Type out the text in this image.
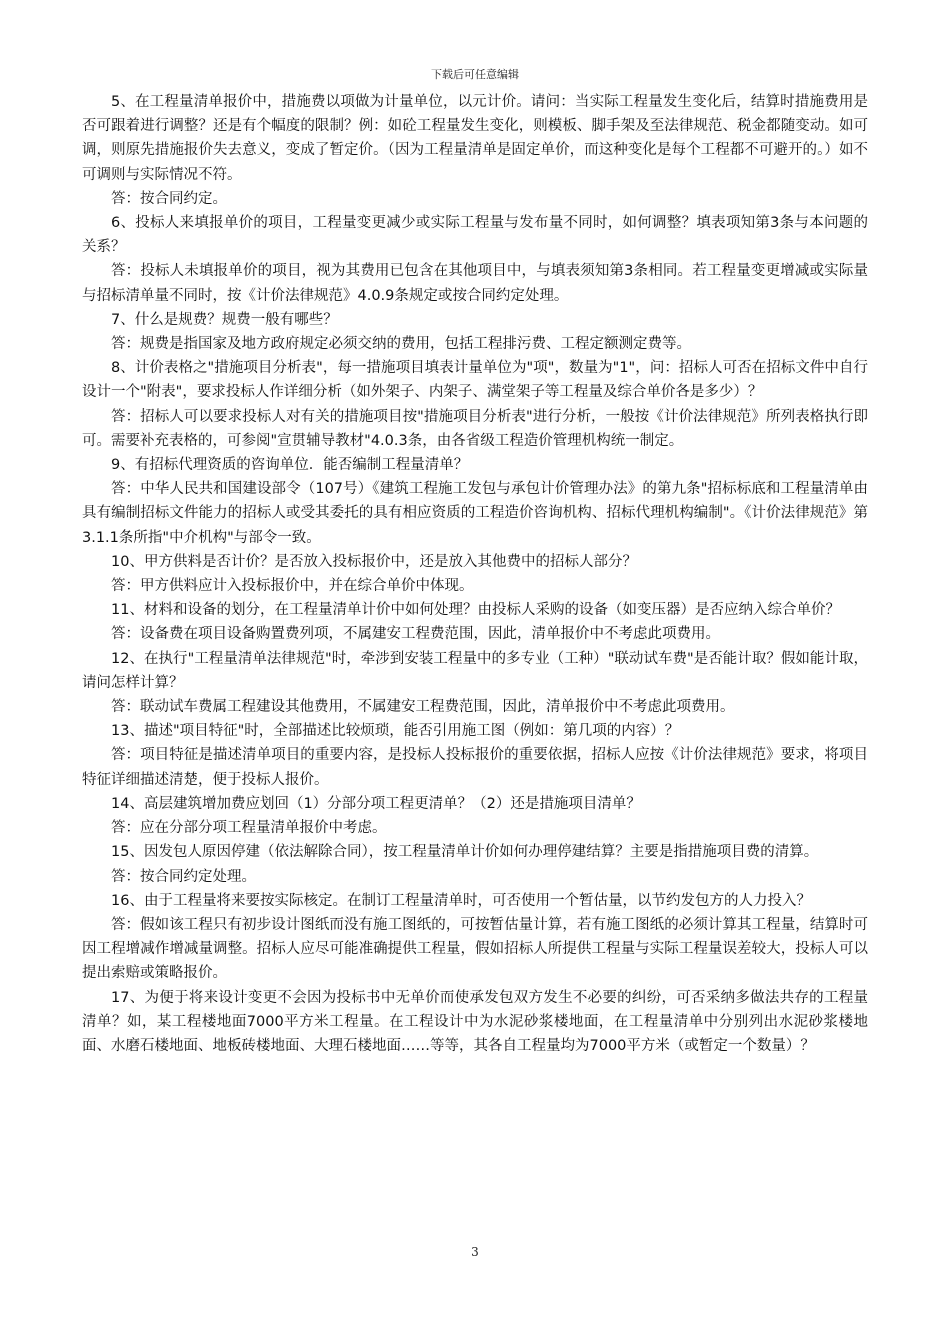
下载后可任意编辑

5、在工程量清单报价中，措施费以项做为计量单位，以元计价。请问：当实际工程量发生变化后，结算时措施费用是否可跟着进行调整？还是有个幅度的限制？例：如砼工程量发生变化，则模板、脚手架及至法律规范、税金都随变动。如可调，则原先措施报价失去意义，变成了暂定价。（因为工程量清单是固定单价，而这种变化是每个工程都不可避开的。）如不可调则与实际情况不符。

答：按合同约定。

6、投标人来填报单价的项目，工程量变更减少或实际工程量与发布量不同时，如何调整？填表项知第3条与本问题的关系？

答：投标人未填报单价的项目，视为其费用已包含在其他项目中，与填表须知第3条相同。若工程量变更增减或实际量与招标清单量不同时，按《计价法律规范》4.0.9条规定或按合同约定处理。

7、什么是规费？规费一般有哪些？

答：规费是指国家及地方政府规定必须交纳的费用，包括工程排污费、工程定额测定费等。

8、计价表格之"措施项目分析表"，每一措施项目填表计量单位为"项"，数量为"1"，问：招标人可否在招标文件中自行设计一个"附表"，要求投标人作详细分析（如外架子、内架子、满堂架子等工程量及综合单价各是多少）？

答：招标人可以要求投标人对有关的措施项目按"措施项目分析表"进行分析，一般按《计价法律规范》所列表格执行即可。需要补充表格的，可参阅"宣贯辅导教材"4.0.3条，由各省级工程造价管理机构统一制定。

9、有招标代理资质的咨询单位．能否编制工程量清单？

答：中华人民共和国建设部令（107号）《建筑工程施工发包与承包计价管理办法》的第九条"招标标底和工程量清单由具有编制招标文件能力的招标人或受其委托的具有相应资质的工程造价咨询机构、招标代理机构编制"。《计价法律规范》第3.1.1条所指"中介机构"与部令一致。

10、甲方供料是否计价？是否放入投标报价中，还是放入其他费中的招标人部分？

答：甲方供料应计入投标报价中，并在综合单价中体现。

11、材料和设备的划分，在工程量清单计价中如何处理？由投标人采购的设备（如变压器）是否应纳入综合单价？

答：设备费在项目设备购置费列项，不属建安工程费范围，因此，清单报价中不考虑此项费用。

12、在执行"工程量清单法律规范"时，牵涉到安装工程量中的多专业（工种）"联动试车费"是否能计取？假如能计取，请问怎样计算？

答：联动试车费属工程建设其他费用，不属建安工程费范围，因此，清单报价中不考虑此项费用。

13、描述"项目特征"时，全部描述比较烦琐，能否引用施工图（例如：第几项的内容）？

答：项目特征是描述清单项目的重要内容，是投标人投标报价的重要依据，招标人应按《计价法律规范》要求，将项目特征详细描述清楚，便于投标人报价。

14、高层建筑增加费应划回（1）分部分项工程更清单？（2）还是措施项目清单？

答：应在分部分项工程量清单报价中考虑。

15、因发包人原因停建（依法解除合同），按工程量清单计价如何办理停建结算？主要是指措施项目费的清算。

答：按合同约定处理。

16、由于工程量将来要按实际核定。在制订工程量清单时，可否使用一个暂估量，以节约发包方的人力投入？

答：假如该工程只有初步设计图纸而没有施工图纸的，可按暂估量计算，若有施工图纸的必须计算其工程量，结算时可因工程增减作增减量调整。招标人应尽可能准确提供工程量，假如招标人所提供工程量与实际工程量误差较大，投标人可以提出索赔或策略报价。

17、为便于将来设计变更不会因为投标书中无单价而使承发包双方发生不必要的纠纷，可否采纳多做法共存的工程量清单？如，某工程楼地面7000平方米工程量。在工程设计中为水泥砂浆楼地面，在工程量清单中分别列出水泥砂浆楼地面、水磨石楼地面、地板砖楼地面、大理石楼地面……等等，其各自工程量均为7000平方米（或暂定一个数量）？

3
